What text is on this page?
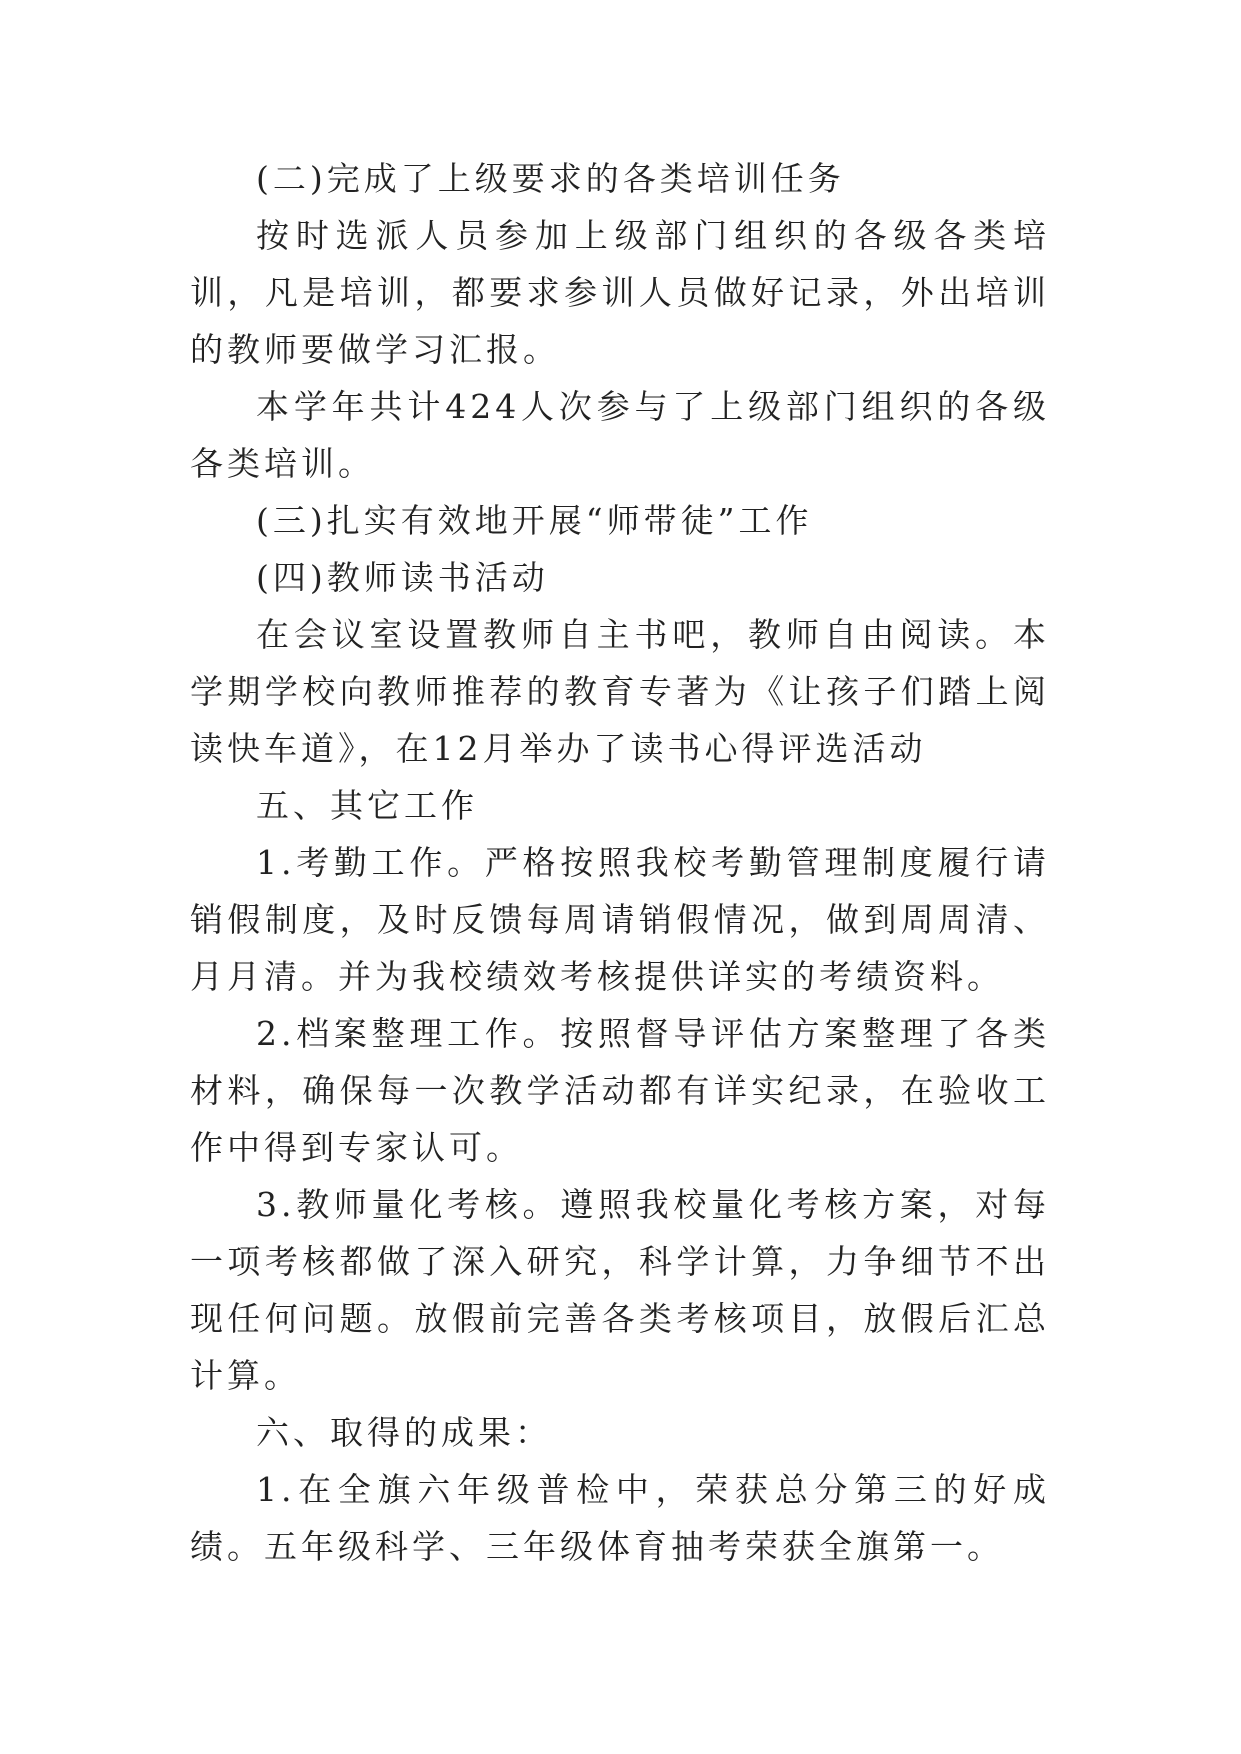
(二)完成了上级要求的各类培训任务

按时选派人员参加上级部门组织的各级各类培训，凡是培训，都要求参训人员做好记录，外出培训的教师要做学习汇报。

本学年共计424人次参与了上级部门组织的各级各类培训。

(三)扎实有效地开展“师带徒”工作

(四)教师读书活动

在会议室设置教师自主书吧，教师自由阅读。本学期学校向教师推荐的教育专著为《让孩子们踏上阅读快车道》，在12月举办了读书心得评选活动

五、其它工作

1.考勤工作。严格按照我校考勤管理制度履行请销假制度，及时反馈每周请销假情况，做到周周清、月月清。并为我校绩效考核提供详实的考绩资料。

2.档案整理工作。按照督导评估方案整理了各类材料，确保每一次教学活动都有详实纪录，在验收工作中得到专家认可。

3.教师量化考核。遵照我校量化考核方案，对每一项考核都做了深入研究，科学计算，力争细节不出现任何问题。放假前完善各类考核项目，放假后汇总计算。

六、取得的成果：

1.在全旗六年级普检中，荣获总分第三的好成绩。五年级科学、三年级体育抽考荣获全旗第一。
